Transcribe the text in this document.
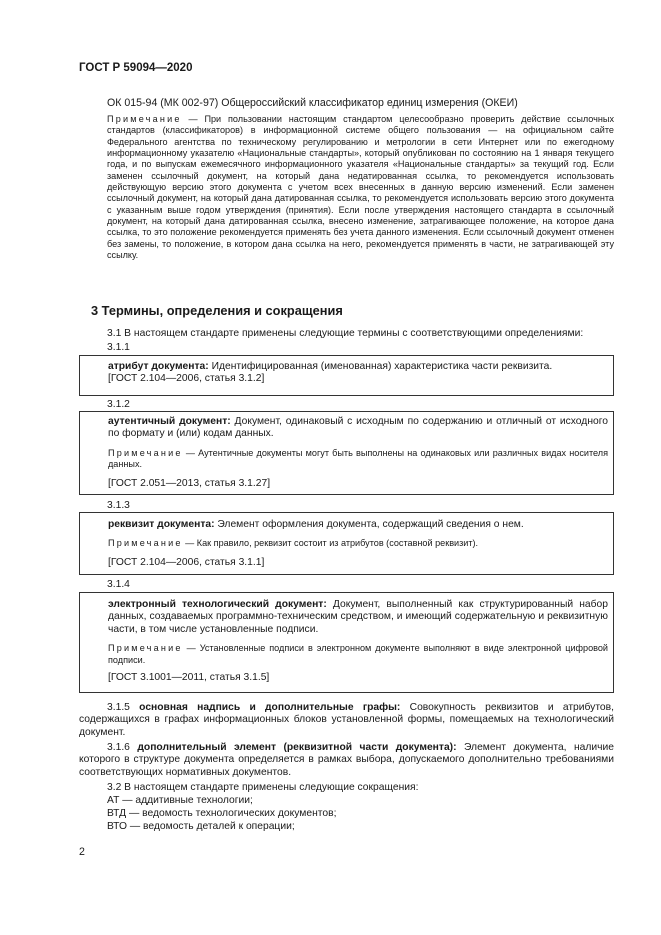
ГОСТ Р 59094—2020
ОК 015-94 (МК 002-97) Общероссийский классификатор единиц измерения (ОКЕИ)
Примечание — При пользовании настоящим стандартом целесообразно проверить действие ссылочных стандартов (классификаторов) в информационной системе общего пользования — на официальном сайте Федерального агентства по техническому регулированию и метрологии в сети Интернет или по ежегодному информационному указателю «Национальные стандарты», который опубликован по состоянию на 1 января текущего года, и по выпускам ежемесячного информационного указателя «Национальные стандарты» за текущий год. Если заменен ссылочный документ, на который дана недатированная ссылка, то рекомендуется использовать действующую версию этого документа с учетом всех внесенных в данную версию изменений. Если заменен ссылочный документ, на который дана датированная ссылка, то рекомендуется использовать версию этого документа с указанным выше годом утверждения (принятия). Если после утверждения настоящего стандарта в ссылочный документ, на который дана датированная ссылка, внесено изменение, затрагивающее положение, на которое дана ссылка, то это положение рекомендуется применять без учета данного изменения. Если ссылочный документ отменен без замены, то положение, в котором дана ссылка на него, рекомендуется применять в части, не затрагивающей эту ссылку.
3 Термины, определения и сокращения
3.1 В настоящем стандарте применены следующие термины с соответствующими определениями:
3.1.1
атрибут документа: Идентифицированная (именованная) характеристика части реквизита.
[ГОСТ 2.104—2006, статья 3.1.2]
3.1.2
аутентичный документ: Документ, одинаковый с исходным по содержанию и отличный от исходного по формату и (или) кодам данных.
Примечание — Аутентичные документы могут быть выполнены на одинаковых или различных видах носителя данных.
[ГОСТ 2.051—2013, статья 3.1.27]
3.1.3
реквизит документа: Элемент оформления документа, содержащий сведения о нем.
Примечание — Как правило, реквизит состоит из атрибутов (составной реквизит).
[ГОСТ 2.104—2006, статья 3.1.1]
3.1.4
электронный технологический документ: Документ, выполненный как структурированный набор данных, создаваемых программно-техническим средством, и имеющий содержательную и реквизитную части, в том числе установленные подписи.
Примечание — Установленные подписи в электронном документе выполняют в виде электронной цифровой подписи.
[ГОСТ 3.1001—2011, статья 3.1.5]
3.1.5 основная надпись и дополнительные графы: Совокупность реквизитов и атрибутов, содержащихся в графах информационных блоков установленной формы, помещаемых на технологический документ.
3.1.6 дополнительный элемент (реквизитной части документа): Элемент документа, наличие которого в структуре документа определяется в рамках выбора, допускаемого дополнительно требованиями соответствующих нормативных документов.
3.2 В настоящем стандарте применены следующие сокращения:
АТ — аддитивные технологии;
ВТД — ведомость технологических документов;
ВТО — ведомость деталей к операции;
2
